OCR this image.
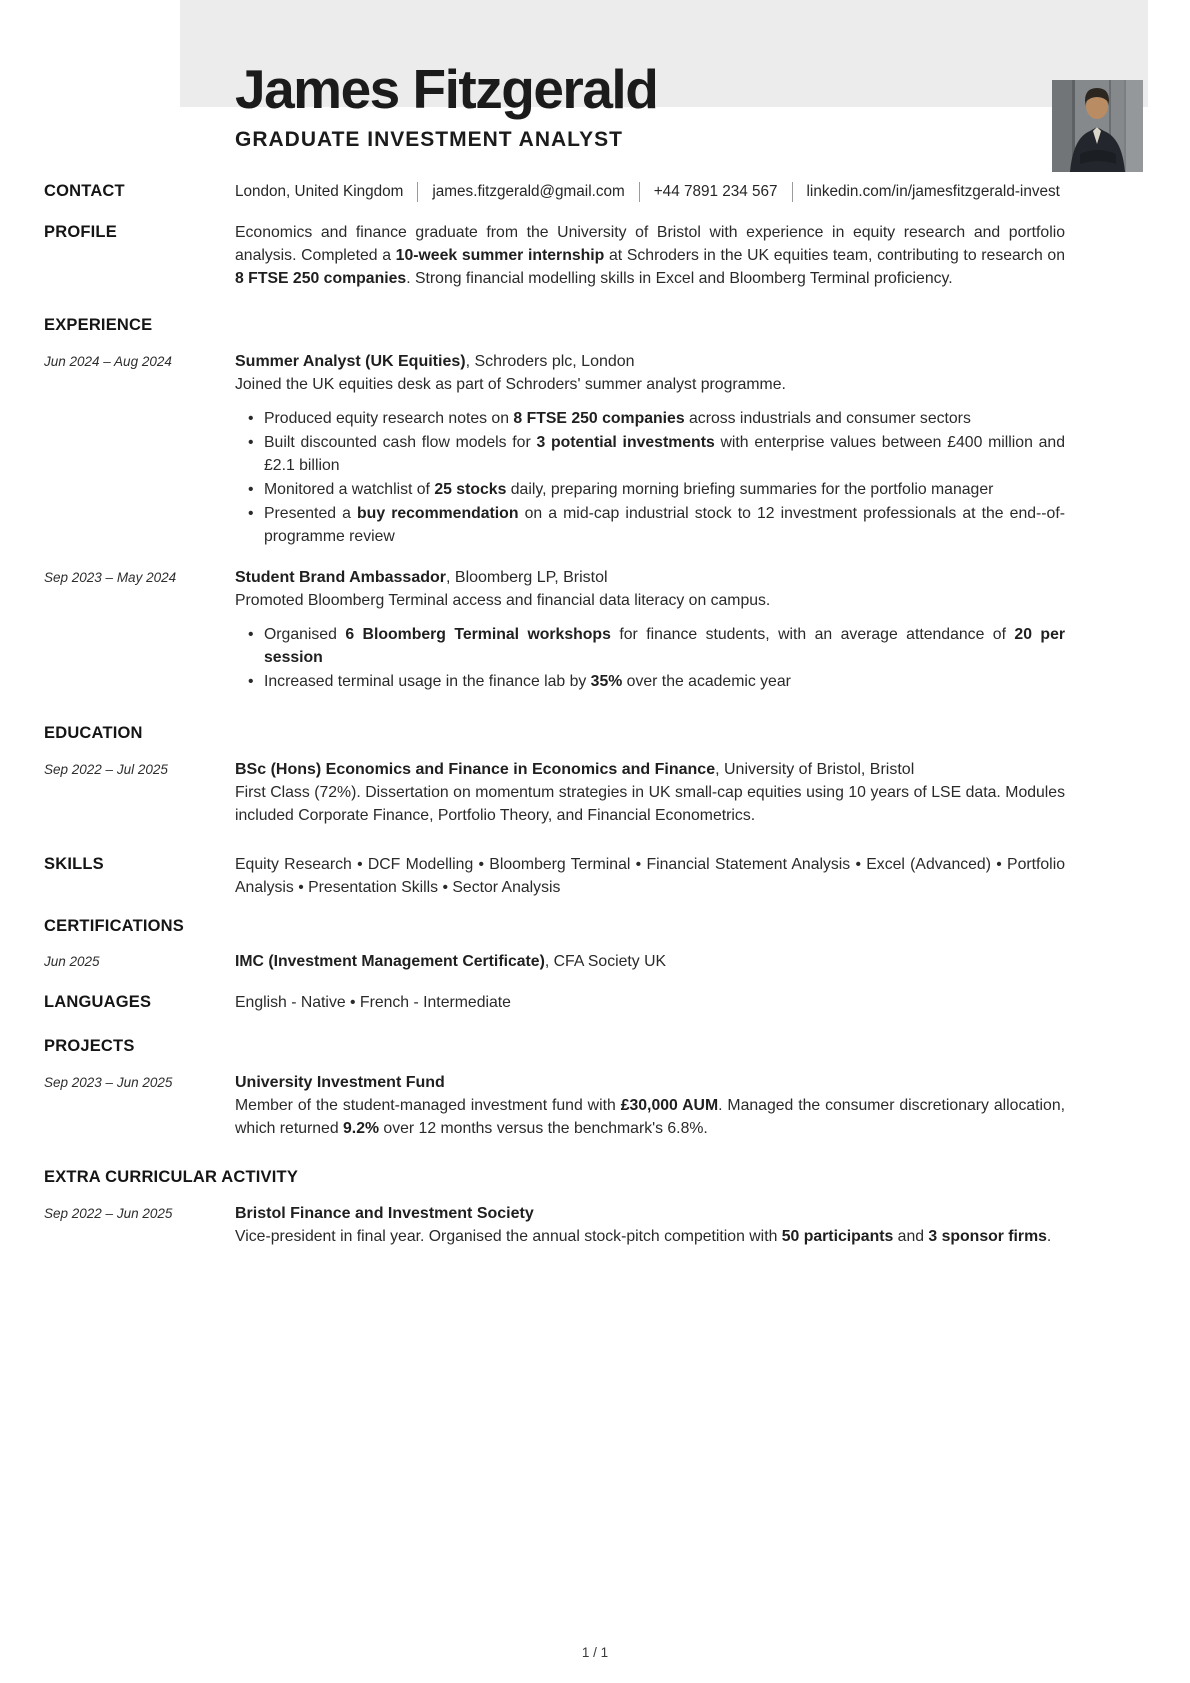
James Fitzgerald
GRADUATE INVESTMENT ANALYST
CONTACT	London, United Kingdom james.fitzgerald@gmail.com +44 7891 234 567 linkedin.com/in/jamesfitzgerald-invest
PROFILE	Economics and finance graduate from the University of Bristol with experience in equity research and portfolio analysis. Completed a 10-week summer internship at Schroders in the UK equities team, contributing to research on 8 FTSE 250 companies. Strong financial modelling skills in Excel and Bloomberg Terminal proficiency.
EXPERIENCE
Jun 2024 – Aug 2024	Summer Analyst (UK Equities), Schroders plc, London
Joined the UK equities desk as part of Schroders' summer analyst programme.
• Produced equity research notes on 8 FTSE 250 companies across industrials and consumer sectors
• Built discounted cash flow models for 3 potential investments with enterprise values between £400 million and £2.1 billion
• Monitored a watchlist of 25 stocks daily, preparing morning briefing summaries for the portfolio manager
• Presented a buy recommendation on a mid-cap industrial stock to 12 investment professionals at the end--of-programme review
Sep 2023 – May 2024	Student Brand Ambassador, Bloomberg LP, Bristol
Promoted Bloomberg Terminal access and financial data literacy on campus.
• Organised 6 Bloomberg Terminal workshops for finance students, with an average attendance of 20 per session
• Increased terminal usage in the finance lab by 35% over the academic year
EDUCATION
Sep 2022 – Jul 2025	BSc (Hons) Economics and Finance in Economics and Finance, University of Bristol, Bristol
First Class (72%). Dissertation on momentum strategies in UK small-cap equities using 10 years of LSE data. Modules included Corporate Finance, Portfolio Theory, and Financial Econometrics.
SKILLS	Equity Research • DCF Modelling • Bloomberg Terminal • Financial Statement Analysis • Excel (Advanced) • Portfolio Analysis • Presentation Skills • Sector Analysis
CERTIFICATIONS
Jun 2025	IMC (Investment Management Certificate), CFA Society UK
LANGUAGES	English - Native • French - Intermediate
PROJECTS
Sep 2023 – Jun 2025	University Investment Fund
Member of the student-managed investment fund with £30,000 AUM. Managed the consumer discretionary allocation, which returned 9.2% over 12 months versus the benchmark's 6.8%.
EXTRA CURRICULAR ACTIVITY
Sep 2022 – Jun 2025	Bristol Finance and Investment Society
Vice-president in final year. Organised the annual stock-pitch competition with 50 participants and 3 sponsor firms.
1 / 1
